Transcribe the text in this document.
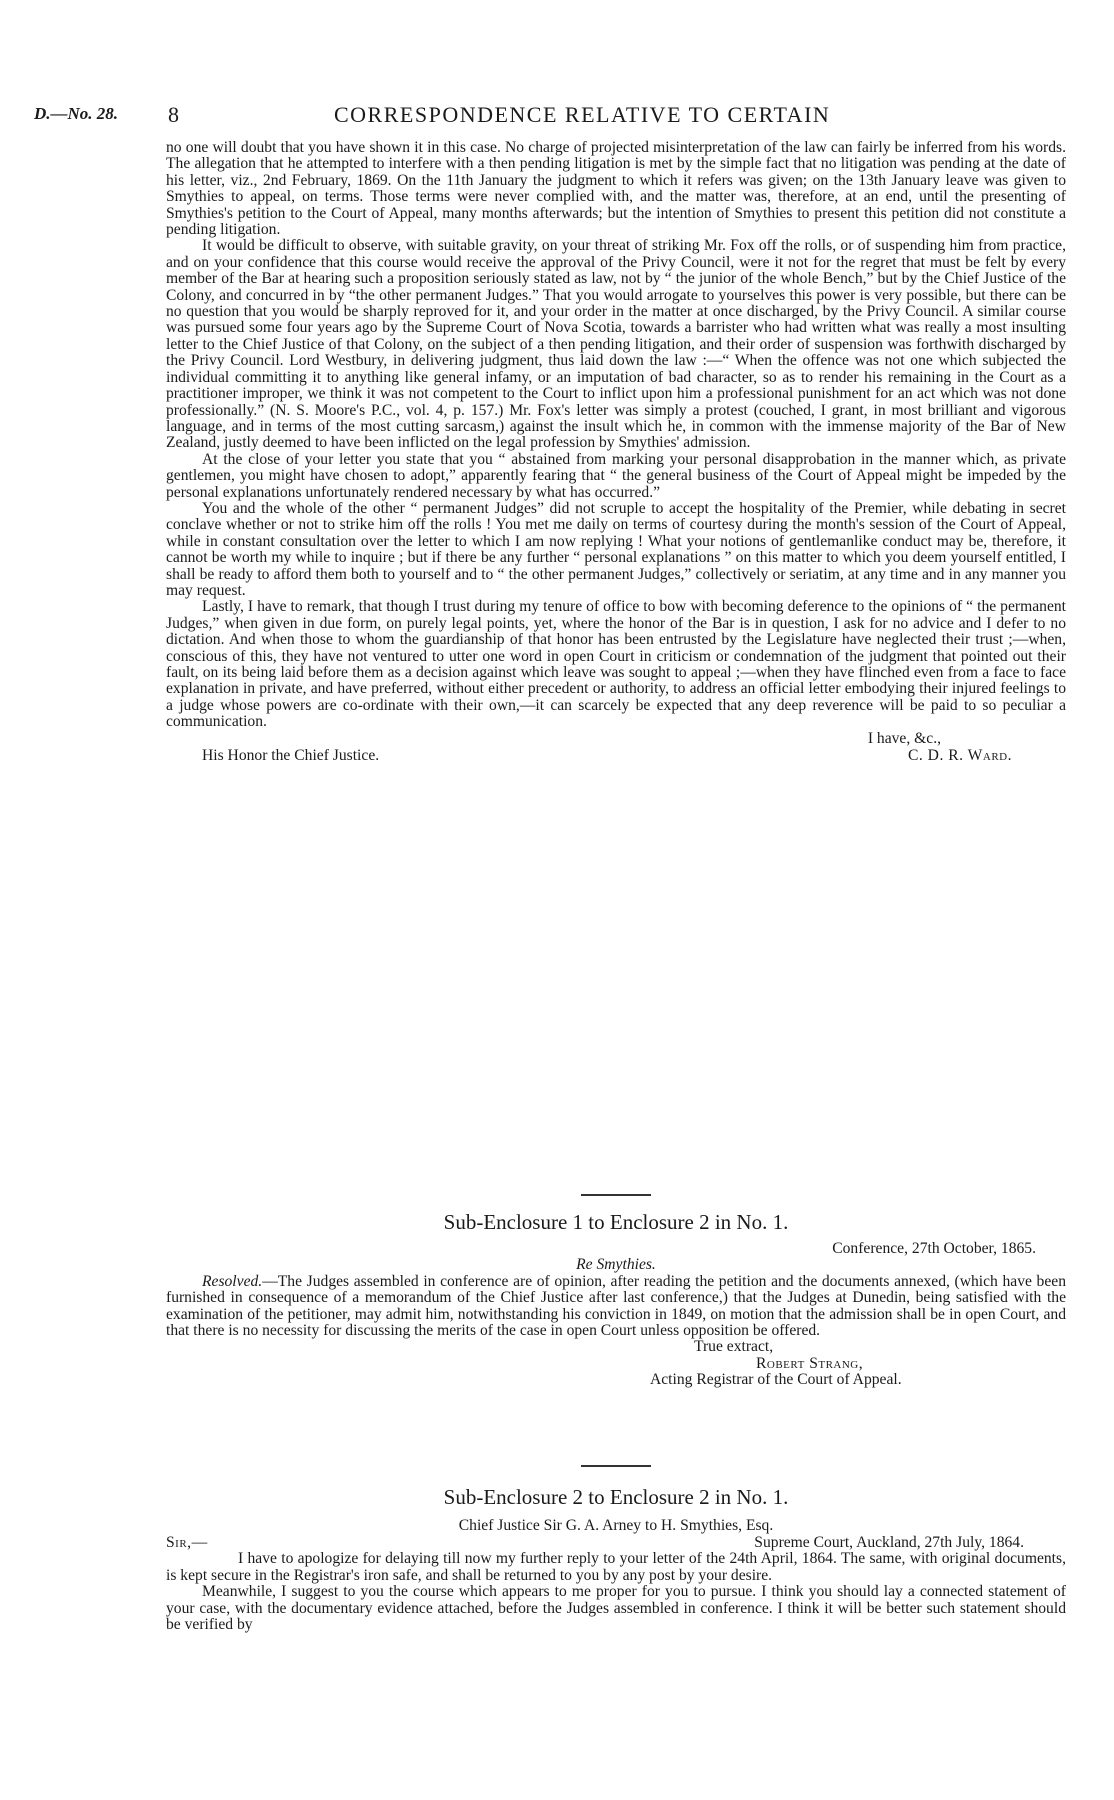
D.—No. 28. 8	CORRESPONDENCE RELATIVE TO CERTAIN

no one will doubt that you have shown it in this case. No charge of projected misinterpretation of the law can fairly be inferred from his words. The allegation that he attempted to interfere with a then pending litigation is met by the simple fact that no litigation was pending at the date of his letter, viz., 2nd February, 1869. On the 11th January the judgment to which it refers was given; on the 13th January leave was given to Smythies to appeal, on terms. Those terms were never complied with, and the matter was, therefore, at an end, until the presenting of Smythies's petition to the Court of Appeal, many months afterwards; but the intention of Smythies to present this petition did not constitute a pending litigation.

It would be difficult to observe, with suitable gravity, on your threat of striking Mr. Fox off the rolls, or of suspending him from practice, and on your confidence that this course would receive the approval of the Privy Council, were it not for the regret that must be felt by every member of the Bar at hearing such a proposition seriously stated as law, not by “ the junior of the whole Bench,” but by the Chief Justice of the Colony, and concurred in by “the other permanent Judges.” That you would arrogate to yourselves this power is very possible, but there can be no question that you would be sharply reproved for it, and your order in the matter at once discharged, by the Privy Council. A similar course was pursued some four years ago by the Supreme Court of Nova Scotia, towards a barrister who had written what was really a most insulting letter to the Chief Justice of that Colony, on the subject of a then pending litigation, and their order of suspension was forthwith discharged by the Privy Council. Lord Westbury, in delivering judgment, thus laid down the law :—“ When the offence was not one which subjected the individual committing it to anything like general infamy, or an imputation of bad character, so as to render his remaining in the Court as a practitioner improper, we think it was not competent to the Court to inflict upon him a professional punishment for an act which was not done professionally.” (N. S. Moore's P.C., vol. 4, p. 157.) Mr. Fox's letter was simply a protest (couched, I grant, in most brilliant and vigorous language, and in terms of the most cutting sarcasm,) against the insult which he, in common with the immense majority of the Bar of New Zealand, justly deemed to have been inflicted on the legal profession by Smythies' admission.

At the close of your letter you state that you “ abstained from marking your personal disapprobation in the manner which, as private gentlemen, you might have chosen to adopt,” apparently fearing that “ the general business of the Court of Appeal might be impeded by the personal explanations unfortunately rendered necessary by what has occurred.”

You and the whole of the other “ permanent Judges” did not scruple to accept the hospitality of the Premier, while debating in secret conclave whether or not to strike him off the rolls ! You met me daily on terms of courtesy during the month's session of the Court of Appeal, while in constant consultation over the letter to which I am now replying ! What your notions of gentlemanlike conduct may be, therefore, it cannot be worth my while to inquire ; but if there be any further “ personal explanations ” on this matter to which you deem yourself entitled, I shall be ready to afford them both to yourself and to “ the other permanent Judges,” collectively or seriatim, at any time and in any manner you may request.

Lastly, I have to remark, that though I trust during my tenure of office to bow with becoming deference to the opinions of “ the permanent Judges,” when given in due form, on purely legal points, yet, where the honor of the Bar is in question, I ask for no advice and I defer to no dictation. And when those to whom the guardianship of that honor has been entrusted by the Legislature have neglected their trust ;—when, conscious of this, they have not ventured to utter one word in open Court in criticism or condemnation of the judgment that pointed out their fault, on its being laid before them as a decision against which leave was sought to appeal ;—when they have flinched even from a face to face explanation in private, and have preferred, without either precedent or authority, to address an official letter embodying their injured feelings to a judge whose powers are co-ordinate with their own,—it can scarcely be expected that any deep reverence will be paid to so peculiar a communication.

I have, &c.,

His Honor the Chief Justice.	C. D. R. Ward.

Sub-Enclosure 1 to Enclosure 2 in No. 1.

Conference, 27th October, 1865.

Re Smythies.

Resolved.—The Judges assembled in conference are of opinion, after reading the petition and the documents annexed, (which have been furnished in consequence of a memorandum of the Chief Justice after last conference,) that the Judges at Dunedin, being satisfied with the examination of the petitioner, may admit him, notwithstanding his conviction in 1849, on motion that the admission shall be in open Court, and that there is no necessity for discussing the merits of the case in open Court unless opposition be offered.

True extract,

Robert Strang,

Acting Registrar of the Court of Appeal.

Sub-Enclosure 2 to Enclosure 2 in No. 1.

Chief Justice Sir G. A. Arney to H. Smythies, Esq.

Sir,—	Supreme Court, Auckland, 27th July, 1864.

I have to apologize for delaying till now my further reply to your letter of the 24th April, 1864. The same, with original documents, is kept secure in the Registrar's iron safe, and shall be returned to you by any post by your desire.

Meanwhile, I suggest to you the course which appears to me proper for you to pursue. I think you should lay a connected statement of your case, with the documentary evidence attached, before the Judges assembled in conference. I think it will be better such statement should be verified by
